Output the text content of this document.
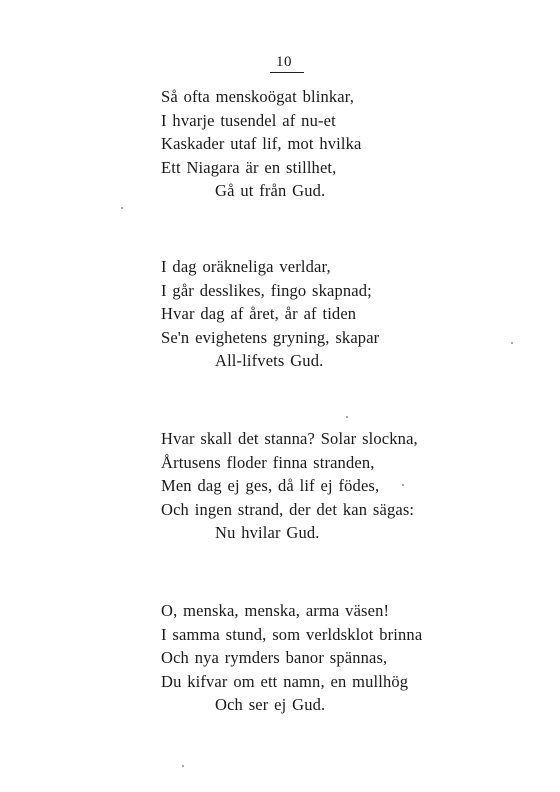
10
Så ofta menskoögat blinkar,
I hvarje tusendel af nu-et
Kaskader utaf lif, mot hvilka
Ett Niagara är en stillhet,
Gå ut från Gud.
I dag oräkneliga verldar,
I går desslikes, fingo skapnad;
Hvar dag af året, år af tiden
Se'n evighetens gryning, skapar
All-lifvets Gud.
Hvar skall det stanna? Solar slockna,
Årtusens floder finna stranden,
Men dag ej ges, då lif ej födes,
Och ingen strand, der det kan sägas:
Nu hvilar Gud.
O, menska, menska, arma väsen!
I samma stund, som verldsklot brinna
Och nya rymders banor spännas,
Du kifvar om ett namn, en mullhög
Och ser ej Gud.
